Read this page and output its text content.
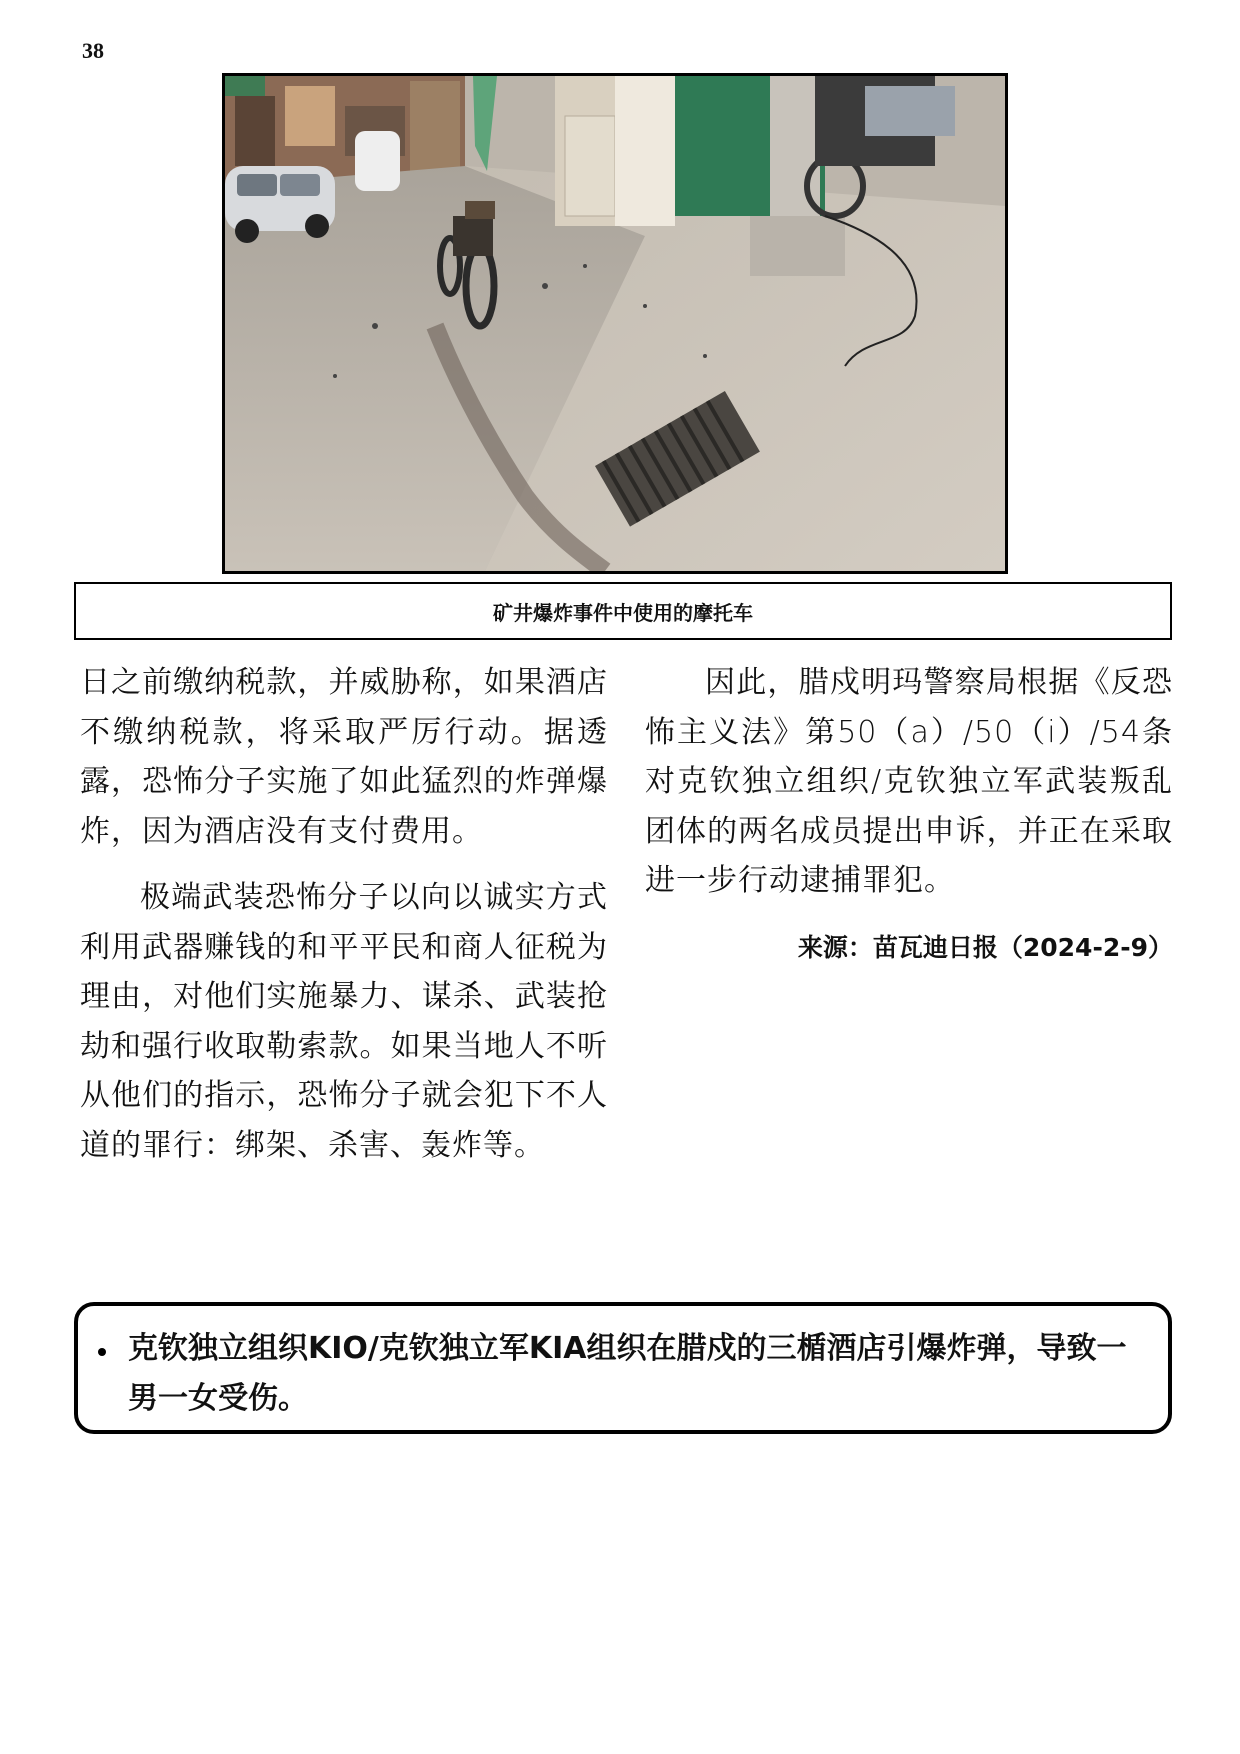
38
矿井爆炸事件中使用的摩托车

日之前缴纳税款，并威胁称，如果酒店不缴纳税款，将采取严厉行动。据透露，恐怖分子实施了如此猛烈的炸弹爆炸，因为酒店没有支付费用。

极端武装恐怖分子以向以诚实方式利用武器赚钱的和平平民和商人征税为理由，对他们实施暴力、谋杀、武装抢劫和强行收取勒索款。如果当地人不听从他们的指示，恐怖分子就会犯下不人道的罪行：绑架、杀害、轰炸等。

因此，腊戍明玛警察局根据《反恐怖主义法》第50（a）/50（i）/54条对克钦独立组织/克钦独立军武装叛乱团体的两名成员提出申诉，并正在采取进一步行动逮捕罪犯。

来源：苗瓦迪日报（2024-2-9）
克钦独立组织KIO/克钦独立军KIA组织在腊戍的三楯酒店引爆炸弹，导致一男一女受伤。
